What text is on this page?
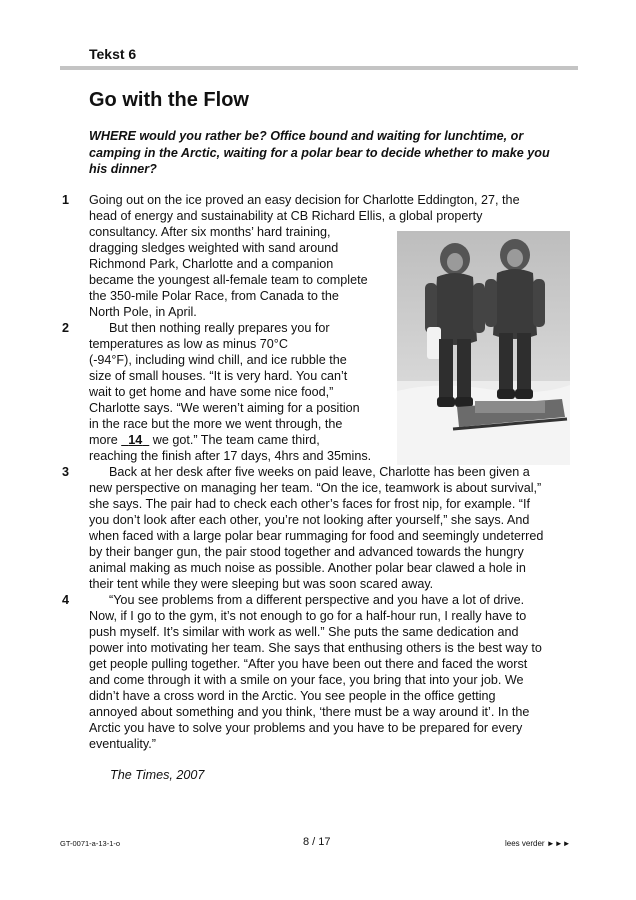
Tekst 6
Go with the Flow
WHERE would you rather be? Office bound and waiting for lunchtime, or camping in the Arctic, waiting for a polar bear to decide whether to make you his dinner?
1
2
3
4
Going out on the ice proved an easy decision for Charlotte Eddington, 27, the
head of energy and sustainability at CB Richard Ellis, a global property
consultancy. After six months’ hard training,
dragging sledges weighted with sand around
Richmond Park, Charlotte and a companion
became the youngest all-female team to complete
the 350-mile Polar Race, from Canada to the
North Pole, in April.
But then nothing really prepares you for
temperatures as low as minus 70°C
(-94°F), including wind chill, and ice rubble the
size of small houses. “It is very hard. You can’t
wait to get home and have some nice food,”
Charlotte says. “We weren’t aiming for a position
in the race but the more we went through, the
more 14 we got.” The team came third,
reaching the finish after 17 days, 4hrs and 35mins.
Back at her desk after five weeks on paid leave, Charlotte has been given a
new perspective on managing her team. “On the ice, teamwork is about survival,”
she says. The pair had to check each other’s faces for frost nip, for example. “If
you don’t look after each other, you’re not looking after yourself,” she says. And
when faced with a large polar bear rummaging for food and seemingly undeterred
by their banger gun, the pair stood together and advanced towards the hungry
animal making as much noise as possible. Another polar bear clawed a hole in
their tent while they were sleeping but was soon scared away.
“You see problems from a different perspective and you have a lot of drive.
Now, if I go to the gym, it’s not enough to go for a half-hour run, I really have to
push myself. It’s similar with work as well.” She puts the same dedication and
power into motivating her team. She says that enthusing others is the best way to
get people pulling together. “After you have been out there and faced the worst
and come through it with a smile on your face, you bring that into your job. We
didn’t have a cross word in the Arctic. You see people in the office getting
annoyed about something and you think, ‘there must be a way around it’. In the
Arctic you have to solve your problems and you have to be prepared for every
eventuality.”
The Times, 2007
GT-0071-a-13-1-o	8 / 17	lees verder ►►►
